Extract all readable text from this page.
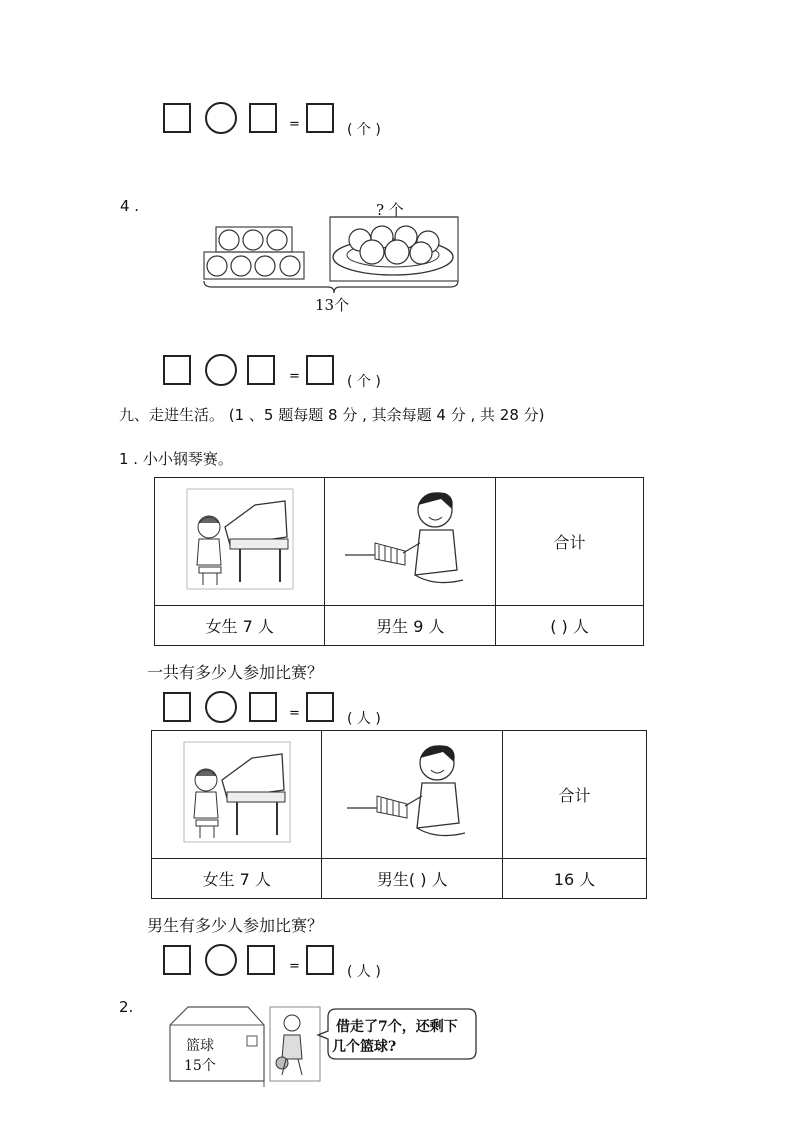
=	( 个 )
4 .	? 个
13个
=	( 个 )
九、走进生活。 (1 、5 题每题 8 分 , 其余每题 4 分 , 共 28 分)
1 . 小小钢琴赛。
		合计
女生 7 人	男生 9 人	( ) 人
一共有多少人参加比赛？
=	( 人 )
		合计
女生 7 人	男生( ) 人	16 人
男生有多少人参加比赛？
=	( 人 )
2.
篮球
15个
借走了7个，还剩下
几个篮球?
